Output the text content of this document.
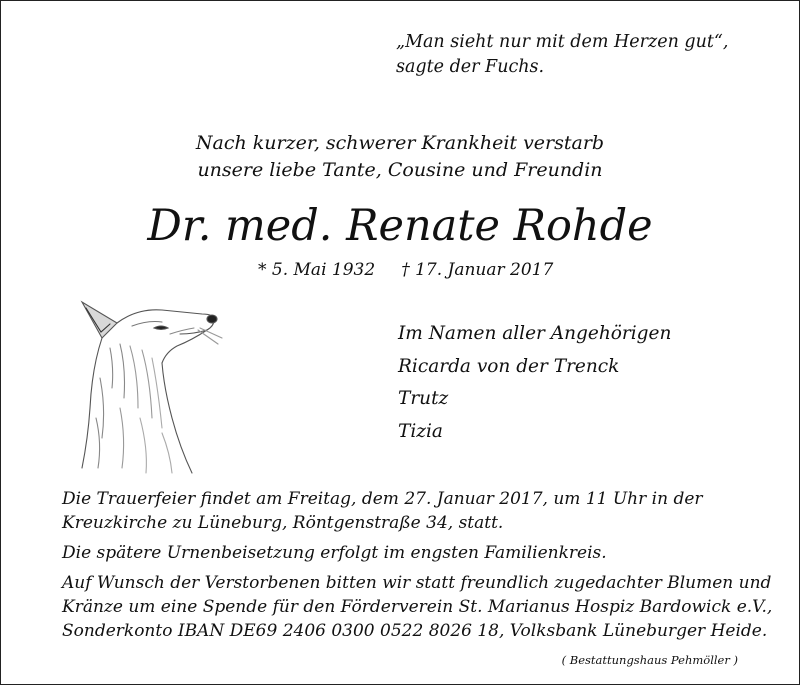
„Man sieht nur mit dem Herzen gut“,
sagte der Fuchs.
Nach kurzer, schwerer Krankheit verstarb
unsere liebe Tante, Cousine und Freundin
Dr. med. Renate Rohde
* 5. Mai 1932 † 17. Januar 2017
Im Namen aller Angehörigen
Ricarda von der Trenck
Trutz
Tizia

Die Trauerfeier findet am Freitag, dem 27. Januar 2017, um 11 Uhr in der

Kreuzkirche zu Lüneburg, Röntgenstraße 34, statt.

Die spätere Urnenbeisetzung erfolgt im engsten Familienkreis.

Auf Wunsch der Verstorbenen bitten wir statt freundlich zugedachter Blumen und

Kränze um eine Spende für den Förderverein St. Marianus Hospiz Bardowick e.V.,

Sonderkonto IBAN DE69 2406 0300 0522 8026 18, Volksbank Lüneburger Heide.

( Bestattungshaus Pehmöller )
